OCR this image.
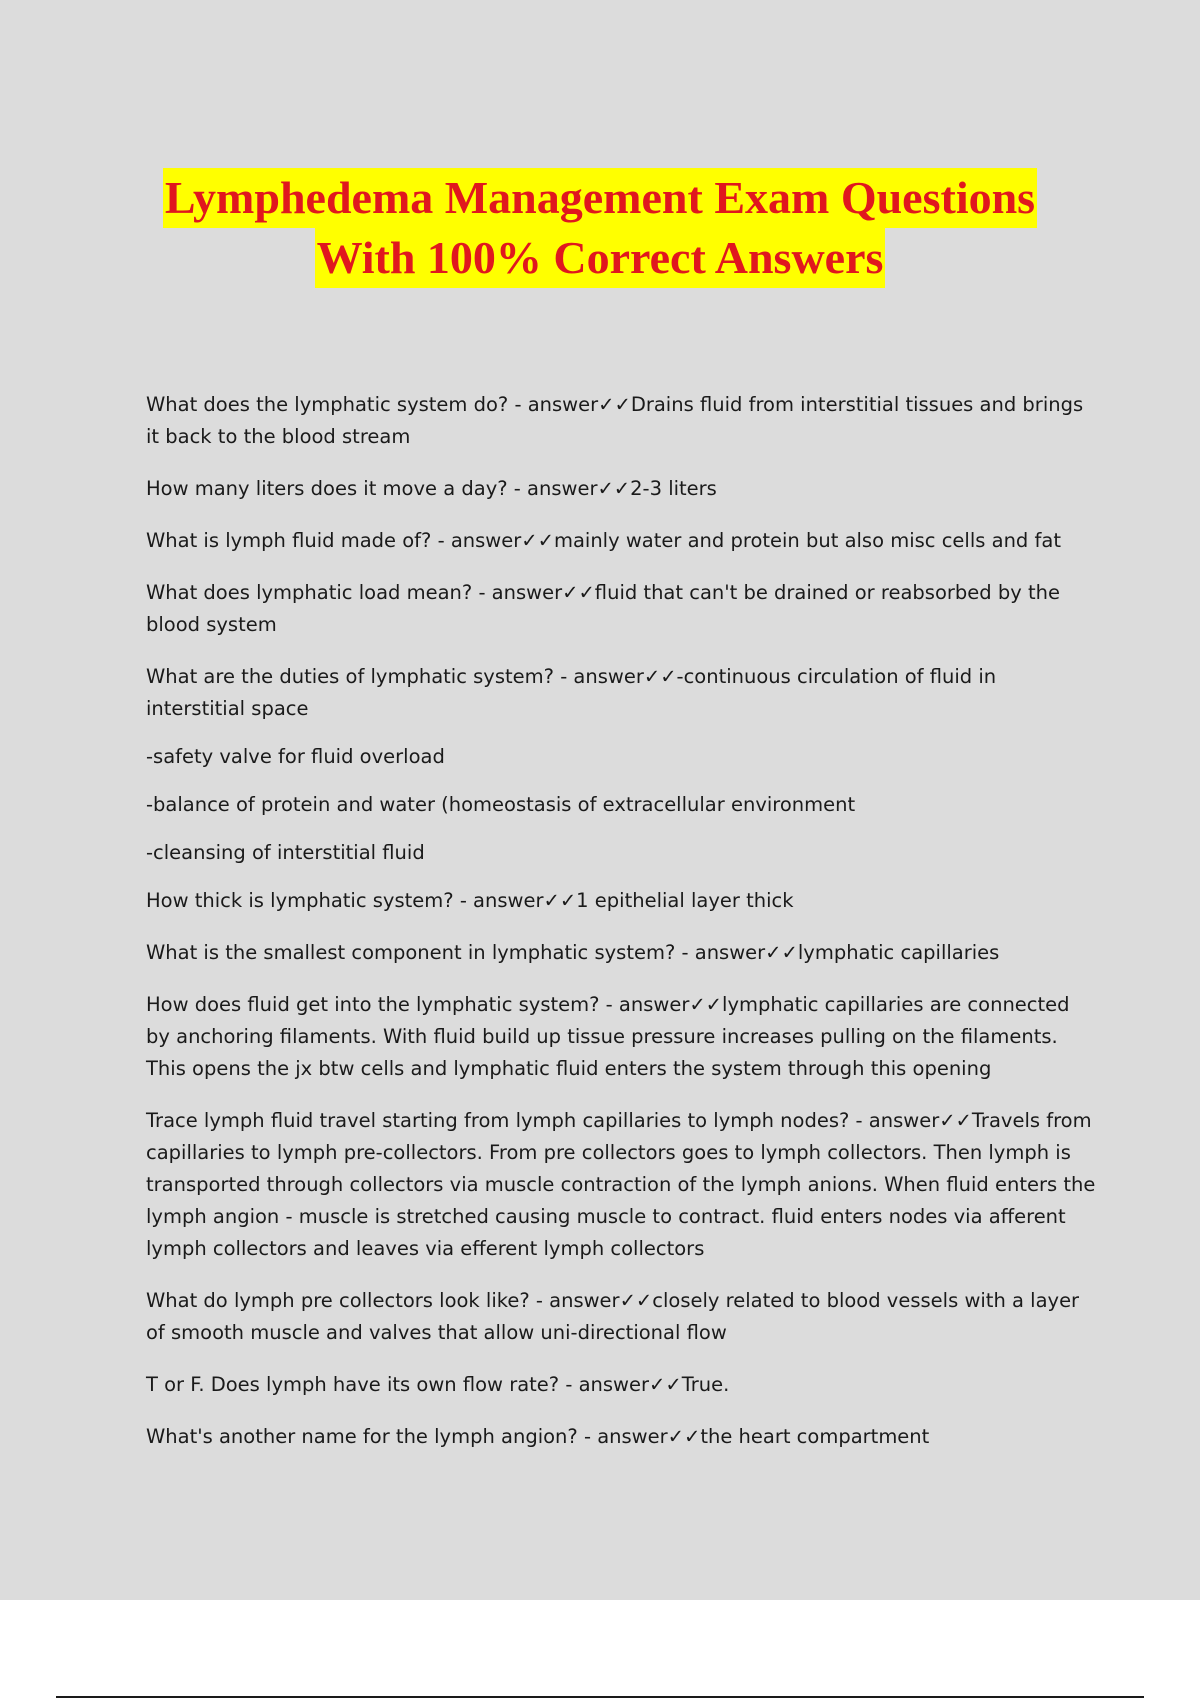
Lymphedema Management Exam Questions
With 100% Correct Answers

What does the lymphatic system do? - answer✓✓Drains fluid from interstitial tissues and brings it back to the blood stream

How many liters does it move a day? - answer✓✓2-3 liters

What is lymph fluid made of? - answer✓✓mainly water and protein but also misc cells and fat

What does lymphatic load mean? - answer✓✓fluid that can't be drained or reabsorbed by the blood system

What are the duties of lymphatic system? - answer✓✓-continuous circulation of fluid in interstitial space

-safety valve for fluid overload

-balance of protein and water (homeostasis of extracellular environment

-cleansing of interstitial fluid

How thick is lymphatic system? - answer✓✓1 epithelial layer thick

What is the smallest component in lymphatic system? - answer✓✓lymphatic capillaries

How does fluid get into the lymphatic system? - answer✓✓lymphatic capillaries are connected by anchoring filaments. With fluid build up tissue pressure increases pulling on the filaments. This opens the jx btw cells and lymphatic fluid enters the system through this opening

Trace lymph fluid travel starting from lymph capillaries to lymph nodes? - answer✓✓Travels from capillaries to lymph pre-collectors. From pre collectors goes to lymph collectors. Then lymph is transported through collectors via muscle contraction of the lymph anions. When fluid enters the lymph angion - muscle is stretched causing muscle to contract. fluid enters nodes via afferent lymph collectors and leaves via efferent lymph collectors

What do lymph pre collectors look like? - answer✓✓closely related to blood vessels with a layer of smooth muscle and valves that allow uni-directional flow

T or F. Does lymph have its own flow rate? - answer✓✓True.

What's another name for the lymph angion? - answer✓✓the heart compartment
